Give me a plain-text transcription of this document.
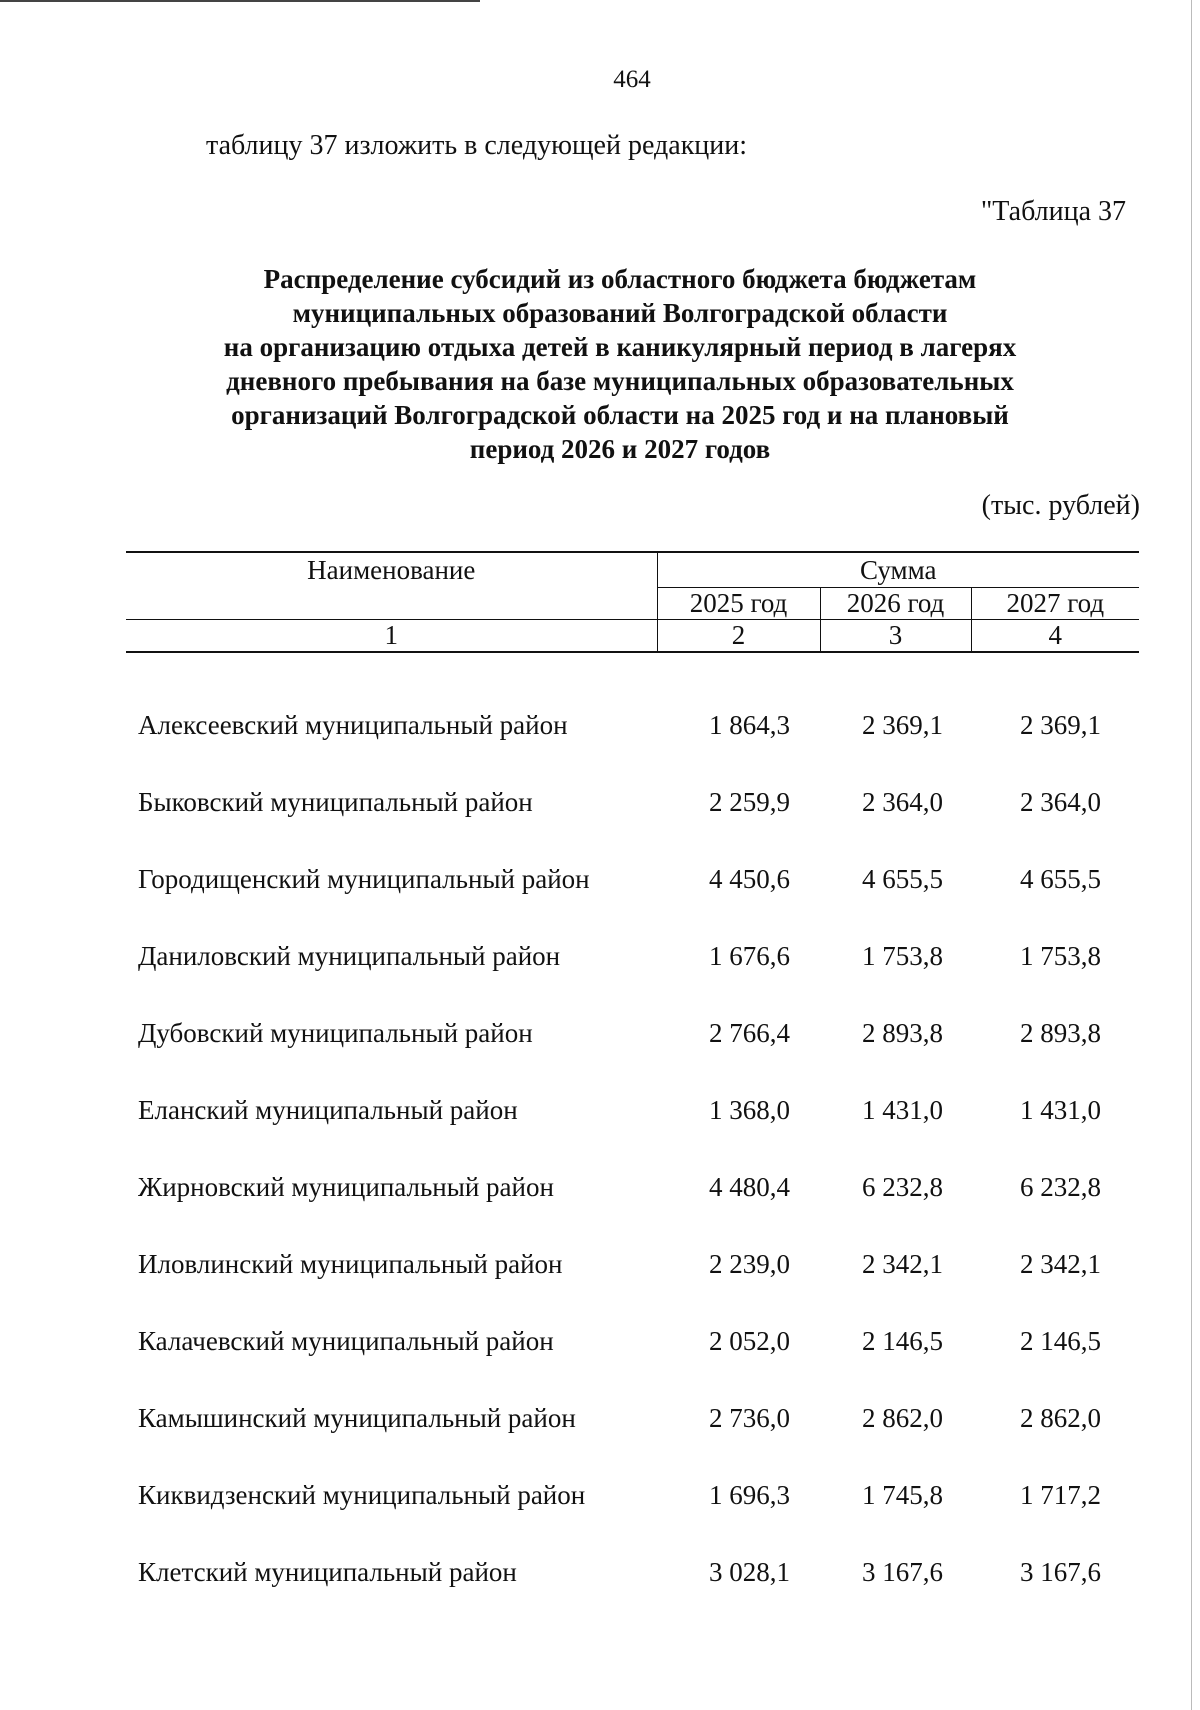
464
таблицу 37 изложить в следующей редакции:
"Таблица 37
Распределение субсидий из областного бюджета бюджетам
муниципальных образований Волгоградской области
на организацию отдыха детей в каникулярный период в лагерях
дневного пребывания на базе муниципальных образовательных
организаций Волгоградской области на 2025 год и на плановый
период 2026 и 2027 годов
(тыс. рублей)
Наименование	Сумма		
	2025 год	2026 год	2027 год
1	2	3	4
Алексеевский муниципальный район	1 864,3	2 369,1	2 369,1
Быковский муниципальный район	2 259,9	2 364,0	2 364,0
Городищенский муниципальный район	4 450,6	4 655,5	4 655,5
Даниловский муниципальный район	1 676,6	1 753,8	1 753,8
Дубовский муниципальный район	2 766,4	2 893,8	2 893,8
Еланский муниципальный район	1 368,0	1 431,0	1 431,0
Жирновский муниципальный район	4 480,4	6 232,8	6 232,8
Иловлинский муниципальный район	2 239,0	2 342,1	2 342,1
Калачевский муниципальный район	2 052,0	2 146,5	2 146,5
Камышинский муниципальный район	2 736,0	2 862,0	2 862,0
Киквидзенский муниципальный район	1 696,3	1 745,8	1 717,2
Клетский муниципальный район	3 028,1	3 167,6	3 167,6
